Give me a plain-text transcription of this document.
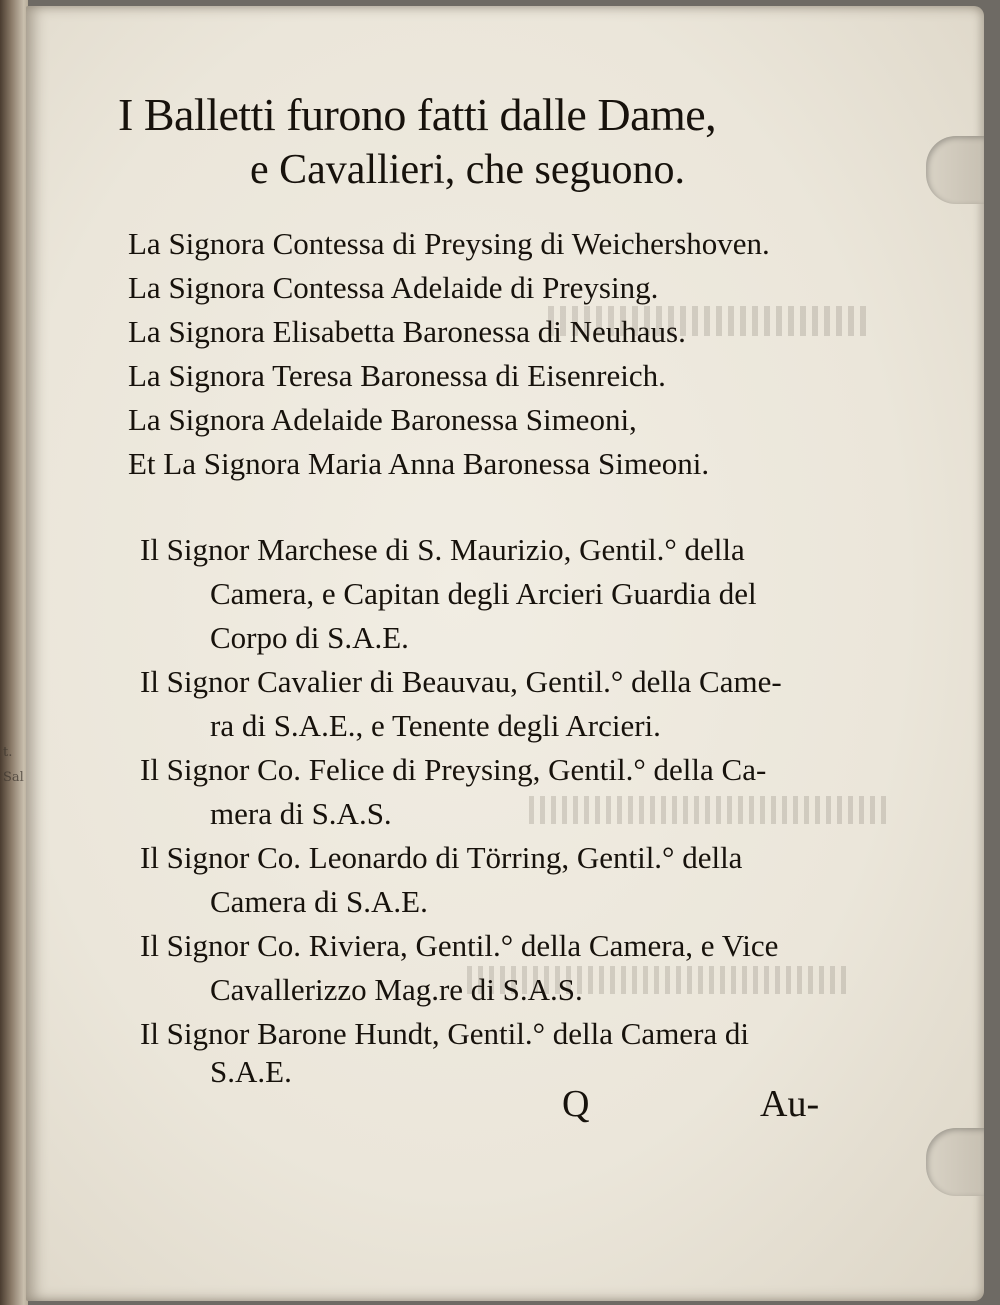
t.
Sal
I Balletti furono fatti dalle Dame,
e Cavallieri, che seguono.
La Signora Contessa di Preysing di Weichershoven.
La Signora Contessa Adelaide di Preysing.
La Signora Elisabetta Baronessa di Neuhaus.
La Signora Teresa Baronessa di Eisenreich.
La Signora Adelaide Baronessa Simeoni,
Et La Signora Maria Anna Baronessa Simeoni.
Il Signor Marchese di S. Maurizio, Gentil.° della
Camera, e Capitan degli Arcieri Guardia del
Corpo di S.A.E.
Il Signor Cavalier di Beauvau, Gentil.° della Came-
ra di S.A.E., e Tenente degli Arcieri.
Il Signor Co. Felice di Preysing, Gentil.° della Ca-
mera di S.A.S.
Il Signor Co. Leonardo di Törring, Gentil.° della
Camera di S.A.E.
Il Signor Co. Riviera, Gentil.° della Camera, e Vice
Cavallerizzo Mag.re di S.A.S.
Il Signor Barone Hundt, Gentil.° della Camera di
S.A.E.
Q	Au-
